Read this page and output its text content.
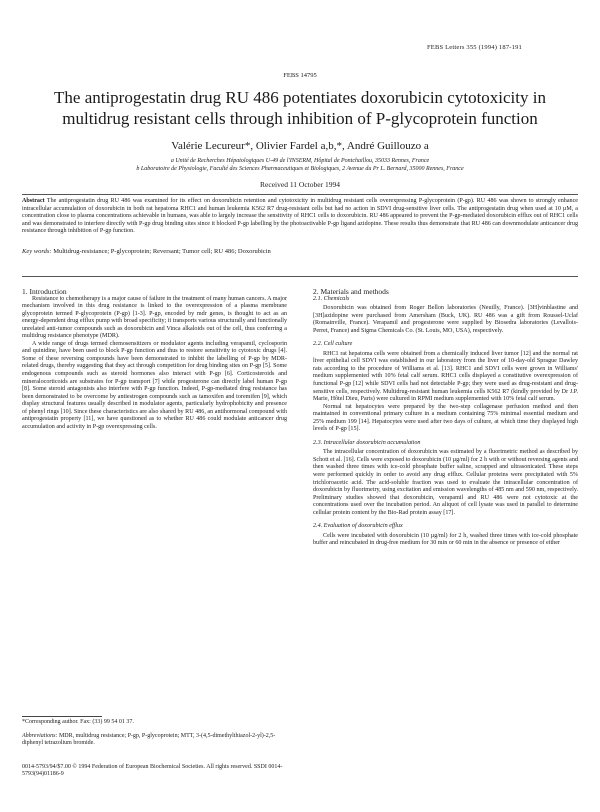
FEBS Letters 355 (1994) 187-191
FEBS 14795
The antiprogestatin drug RU 486 potentiates doxorubicin cytotoxicity in multidrug resistant cells through inhibition of P-glycoprotein function
Valérie Lecureur*, Olivier Fardel a,b,*, André Guillouzo a
a Unité de Recherches Hépatologiques U-49 de l'INSERM, Hôpital de Pontchaillou, 35033 Rennes, France
b Laboratoire de Physiologie, Faculté des Sciences Pharmaceutiques et Biologiques, 2 Avenue du Pr L. Bernard, 35000 Rennes, France
Received 11 October 1994

Abstract The antiprogestatin drug RU 486 was examined for its effect on doxorubicin retention and cytotoxicity in multidrug resistant cells overexpressing P-glycoprotein (P-gp). RU 486 was shown to strongly enhance intracellular accumulation of doxorubicin in both rat hepatoma RHC1 and human leukemia K562 R7 drug-resistant cells but had no action in SDVI drug-sensitive liver cells. The antiprogestatin drug when used at 10 µM, a concentration close to plasma concentrations achievable in humans, was able to largely increase the sensitivity of RHC1 cells to doxorubicin. RU 486 appeared to prevent the P-gp-mediated doxorubicin efflux out of RHC1 cells and was demonstrated to interfere directly with P-gp drug binding sites since it blocked P-gp labelling by the photoactivable P-gp ligand azidopine. These results thus demonstrate that RU 486 can downmodulate anticancer drug resistance through inhibition of P-gp function.

Key words: Multidrug-resistance; P-glycoprotein; Reversant; Tumor cell; RU 486; Doxorubicin

1. Introduction

Resistance to chemotherapy is a major cause of failure in the treatment of many human cancers. A major mechanism involved in this drug resistance is linked to the overexpression of a plasma membrane glycoprotein termed P-glycoprotein (P-gp) [1-3]. P-gp, encoded by mdr genes, is thought to act as an energy-dependent drug efflux pump with broad specificity; it transports various structurally and functionally unrelated anti-tumor compounds such as doxorubicin and Vinca alkaloids out of the cell, thus conferring a multidrug resistance phenotype (MDR).

A wide range of drugs termed chemosensitizers or modulator agents including verapamil, cyclosporin and quinidine, have been used to block P-gp function and thus to restore sensitivity to cytotoxic drugs [4]. Some of these reversing compounds have been demonstrated to inhibit the labelling of P-gp by MDR-related drugs, thereby suggesting that they act through competition for drug binding sites on P-gp [5]. Some endogenous compounds such as steroid hormones also interact with P-gp [6]. Corticosteroids and mineralocorticoids are substrates for P-gp transport [7] while progesterone can directly label human P-gp [8]. Some steroid antagonists also interfere with P-gp function. Indeed, P-gp-mediated drug resistance has been demonstrated to be overcome by antiestrogen compounds such as tamoxifen and toremifen [9], which display structural features usually described in modulator agents, particularly hydrophobicity and presence of phenyl rings [10]. Since these characteristics are also shared by RU 486, an antihormonal compound with antiprogestatin property [11], we have questioned as to whether RU 486 could modulate anticancer drug accumulation and activity in P-gp overexpressing cells.

2. Materials and methods

2.1. Chemicals

Doxorubicin was obtained from Roger Bellon laboratories (Neuilly, France). [3H]vinblastine and [3H]azidopine were purchased from Amersham (Buck, UK). RU 486 was a gift from Roussel-Uclaf (Romainville, France). Verapamil and progesterone were supplied by Biosedra laboratories (Levallois-Perret, France) and Sigma Chemicals Co. (St. Louis, MO, USA), respectively.

2.2. Cell culture

RHC1 rat hepatoma cells were obtained from a chemically induced liver tumor [12] and the normal rat liver epithelial cell SDVI was established in our laboratory from the liver of 10-day-old Sprague Dawley rats according to the procedure of Williams et al. [13]. RHC1 and SDVI cells were grown in Williams' medium supplemented with 10% fetal calf serum. RHC1 cells displayed a constitutive overexpression of functional P-gp [12] while SDVI cells had not detectable P-gp; they were used as drug-resistant and drug-sensitive cells, respectively. Multidrug-resistant human leukemia cells K562 R7 (kindly provided by Dr J.P. Marie, Hôtel Dieu, Paris) were cultured in RPMI medium supplemented with 10% fetal calf serum.

Normal rat hepatocytes were prepared by the two-step collagenase perfusion method and then maintained in conventional primary culture in a medium containing 75% minimal essential medium and 25% medium 199 [14]. Hepatocytes were used after two days of culture, at which time they displayed high levels of P-gp [15].

2.3. Intracellular doxorubicin accumulation

The intracellular concentration of doxorubicin was estimated by a fluorimetric method as described by Schott et al. [16]. Cells were exposed to doxorubicin (10 µg/ml) for 2 h with or without reversing agents and then washed three times with ice-cold phosphate buffer saline, scrapped and ultrasonicated. These steps were performed quickly in order to avoid any drug efflux. Cellular proteins were precipitated with 5% trichloroacetic acid. The acid-soluble fraction was used to evaluate the intracellular concentration of doxorubicin by fluorimetry, using excitation and emission wavelengths of 485 nm and 590 nm, respectively. Preliminary studies showed that doxorubicin, verapamil and RU 486 were not cytotoxic at the concentrations used over the incubation period. An aliquot of cell lysate was used in parallel to determine cellular protein content by the Bio-Rad protein assay [17].

2.4. Evaluation of doxorubicin efflux

Cells were incubated with doxorubicin (10 µg/ml) for 2 h, washed three times with ice-cold phosphate buffer and reincubated in drug-free medium for 30 min or 60 min in the absence or presence of either

*Corresponding author. Fax: (33) 99 54 01 37.

Abbreviations: MDR, multidrug resistance; P-gp, P-glycoprotein; MTT, 3-(4,5-dimethylthiazol-2-yl)-2,5-diphenyl tetrazolium bromide.

0014-5793/94/$7.00 © 1994 Federation of European Biochemical Societies. All rights reserved. SSDI 0014-5793(94)01186-9
